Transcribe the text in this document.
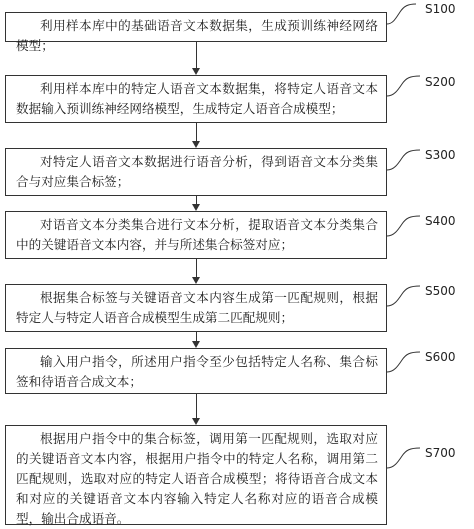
利用样本库中的基础语音文本数据集，生成预训练神经网络模型；
利用样本库中的特定人语音文本数据集，将特定人语音文本数据输入预训练神经网络模型，生成特定人语音合成模型；
对特定人语音文本数据进行语音分析，得到语音文本分类集合与对应集合标签；
对语音文本分类集合进行文本分析，提取语音文本分类集合中的关键语音文本内容，并与所述集合标签对应；
根据集合标签与关键语音文本内容生成第一匹配规则，根据特定人与特定人语音合成模型生成第二匹配规则；
输入用户指令，所述用户指令至少包括特定人名称、集合标签和待语音合成文本；
根据用户指令中的集合标签，调用第一匹配规则，选取对应的关键语音文本内容，根据用户指令中的特定人名称，调用第二匹配规则，选取对应的特定人语音合成模型；将待语音合成文本和对应的关键语音文本内容输入特定人名称对应的语音合成模型，输出合成语音。
S100
S200
S300
S400
S500
S600
S700
